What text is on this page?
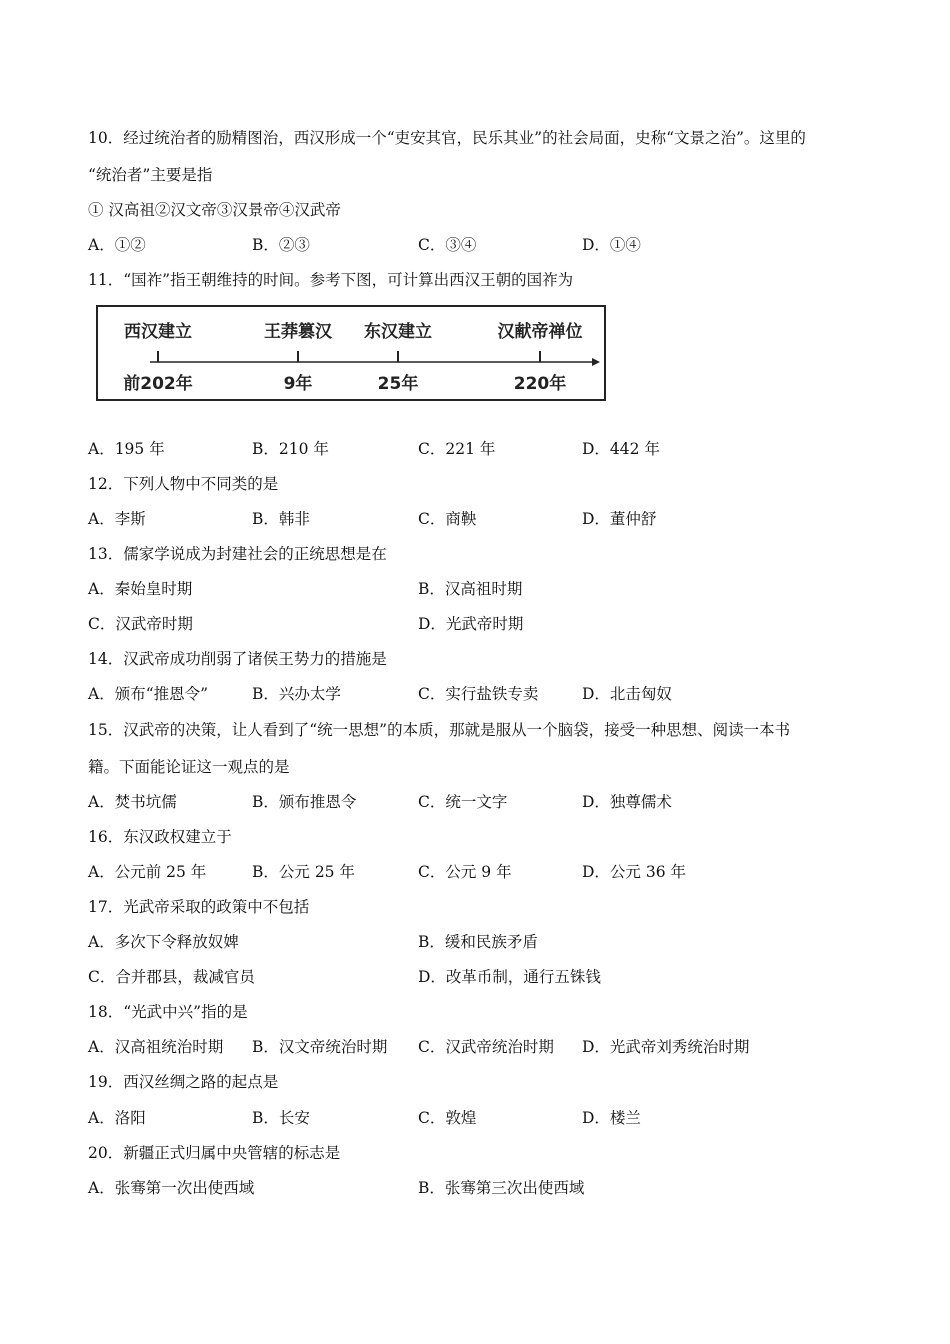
10．经过统治者的励精图治，西汉形成一个“吏安其官，民乐其业”的社会局面，史称“文景之治”。这里的
“统治者”主要是指
① 汉高祖②汉文帝③汉景帝④汉武帝
A．①②	B．②③	C．③④	D．①④
11．“国祚”指王朝维持的时间。参考下图，可计算出西汉王朝的国祚为
西汉建立	王莽篡汉 东汉建立	汉献帝禅位
前202年	9年	25年	220年
A．195 年	B．210 年	C．221 年	D．442 年
12．下列人物中不同类的是
A．李斯	B．韩非	C．商鞅	D．董仲舒
13．儒家学说成为封建社会的正统思想是在
A．秦始皇时期	B．汉高祖时期
C．汉武帝时期	D．光武帝时期
14．汉武帝成功削弱了诸侯王势力的措施是
A．颁布“推恩令”	B．兴办太学	C．实行盐铁专卖	D．北击匈奴
15．汉武帝的决策，让人看到了“统一思想”的本质，那就是服从一个脑袋，接受一种思想、阅读一本书
籍。下面能论证这一观点的是
A．焚书坑儒	B．颁布推恩令	C．统一文字	D．独尊儒术
16．东汉政权建立于
A．公元前 25 年	B．公元 25 年	C．公元 9 年	D．公元 36 年
17．光武帝采取的政策中不包括
A．多次下令释放奴婢	B．缓和民族矛盾
C．合并郡县，裁减官员	D．改革币制，通行五铢钱
18．“光武中兴”指的是
A．汉高祖统治时期 B．汉文帝统治时期 C．汉武帝统治时期 D．光武帝刘秀统治时期
19．西汉丝绸之路的起点是
A．洛阳	B．长安	C．敦煌	D．楼兰
20．新疆正式归属中央管辖的标志是
A．张骞第一次出使西域	B．张骞第三次出使西域
